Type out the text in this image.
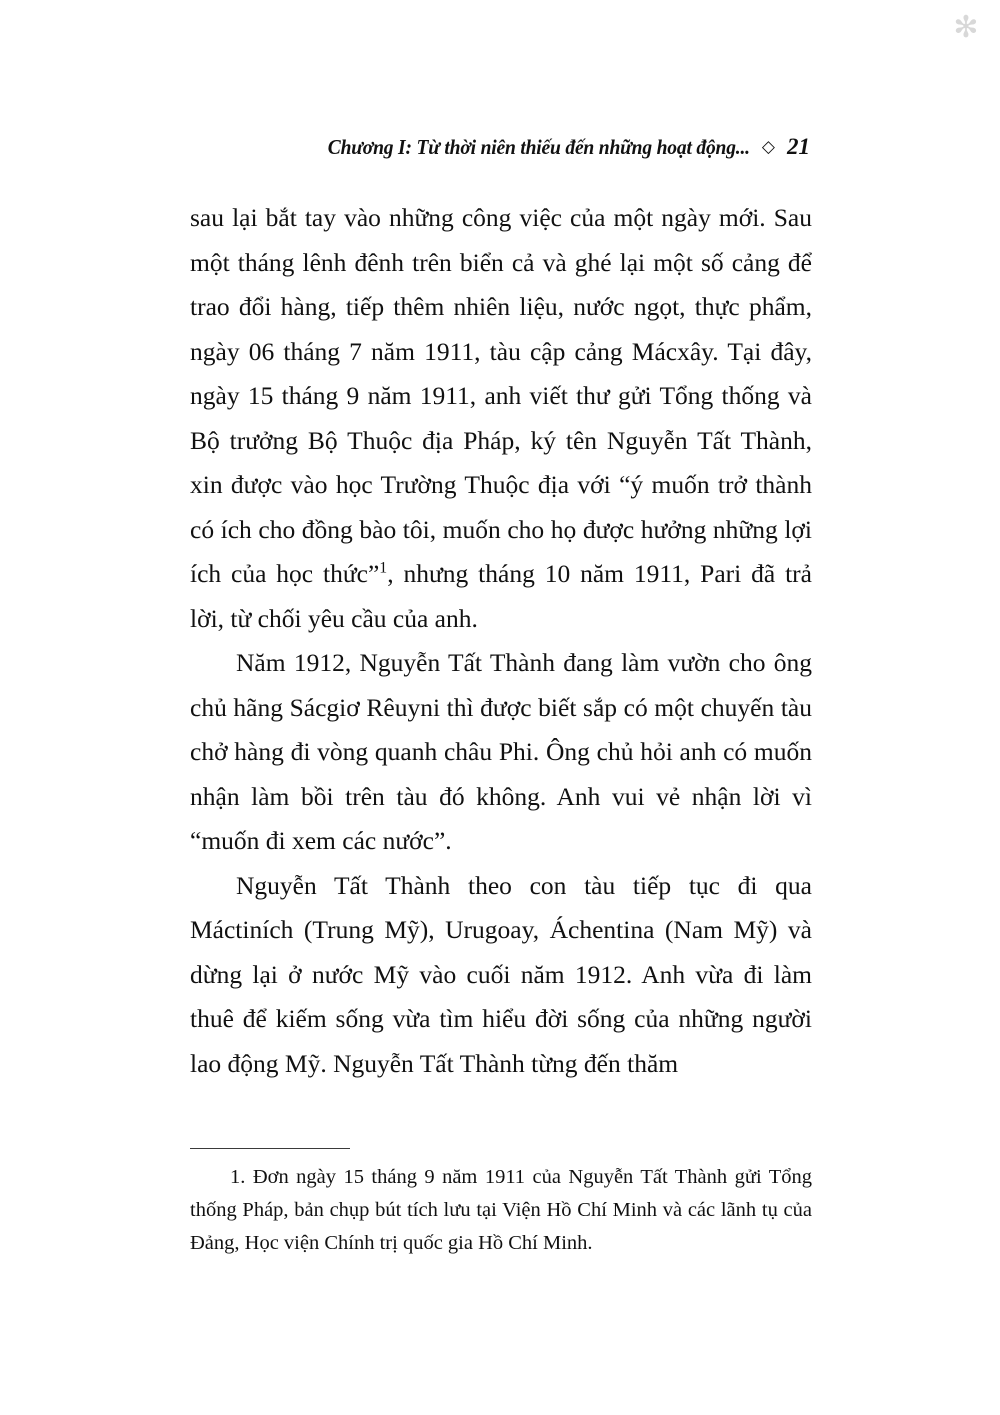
✻
Chương I: Từ thời niên thiếu đến những hoạt động... ◇ 21

sau lại bắt tay vào những công việc của một ngày mới. Sau một tháng lênh đênh trên biển cả và ghé lại một số cảng để trao đổi hàng, tiếp thêm nhiên liệu, nước ngọt, thực phẩm, ngày 06 tháng 7 năm 1911, tàu cập cảng Mácxây. Tại đây, ngày 15 tháng 9 năm 1911, anh viết thư gửi Tổng thống và Bộ trưởng Bộ Thuộc địa Pháp, ký tên Nguyễn Tất Thành, xin được vào học Trường Thuộc địa với “ý muốn trở thành có ích cho đồng bào tôi, muốn cho họ được hưởng những lợi ích của học thức”$^1$, nhưng tháng 10 năm 1911, Pari đã trả lời, từ chối yêu cầu của anh.

Năm 1912, Nguyễn Tất Thành đang làm vườn cho ông chủ hãng Sácgiơ Rêuyni thì được biết sắp có một chuyến tàu chở hàng đi vòng quanh châu Phi. Ông chủ hỏi anh có muốn nhận làm bồi trên tàu đó không. Anh vui vẻ nhận lời vì “muốn đi xem các nước”.

Nguyễn Tất Thành theo con tàu tiếp tục đi qua Máctiních (Trung Mỹ), Urugoay, Áchentina (Nam Mỹ) và dừng lại ở nước Mỹ vào cuối năm 1912. Anh vừa đi làm thuê để kiếm sống vừa tìm hiểu đời sống của những người lao động Mỹ. Nguyễn Tất Thành từng đến thăm

1. Đơn ngày 15 tháng 9 năm 1911 của Nguyễn Tất Thành gửi Tổng thống Pháp, bản chụp bút tích lưu tại Viện Hồ Chí Minh và các lãnh tụ của Đảng, Học viện Chính trị quốc gia Hồ Chí Minh.
